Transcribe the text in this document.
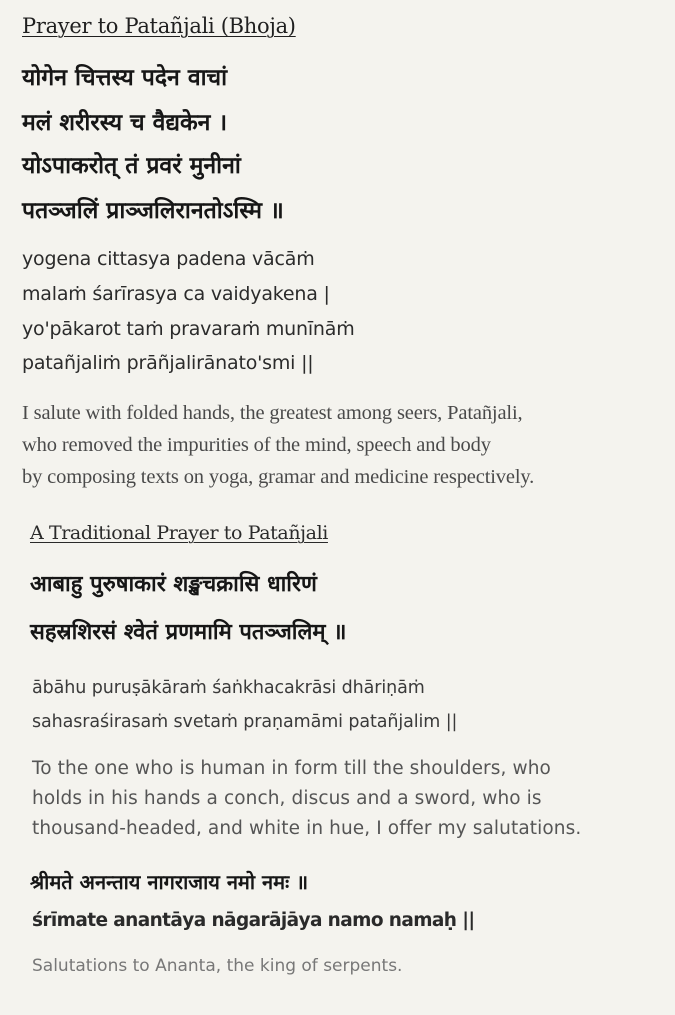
Prayer to Patañjali (Bhoja)
योगेन चित्तस्य पदेन वाचां
मलं शरीरस्य च वैद्यकेन ।
योऽपाकरोत् तं प्रवरं मुनीनां
पतञ्जलिं प्राञ्जलिरानतोऽस्मि ॥
yogena cittasya padena vācāṁ
malaṁ śarīrasya ca vaidyakena |
yo'pākarot taṁ pravaraṁ munīnāṁ
patañjaliṁ prāñjalirānato'smi ||
I salute with folded hands, the greatest among seers, Patañjali,
who removed the impurities of the mind, speech and body
by composing texts on yoga, gramar and medicine respectively.
A Traditional Prayer to Patañjali
आबाहु पुरुषाकारं शङ्खचक्रासि धारिणं
सहस्रशिरसं श्वेतं प्रणमामि पतञ्जलिम् ॥
ābāhu puruṣākāraṁ śaṅkhacakrāsi dhāriṇāṁ
sahasraśirasaṁ svetaṁ praṇamāmi patañjalim ||
To the one who is human in form till the shoulders, who
holds in his hands a conch, discus and a sword, who is
thousand-headed, and white in hue, I offer my salutations.
श्रीमते अनन्ताय नागराजाय नमो नमः ॥
śrīmate anantāya nāgarājāya namo namaḥ ||
Salutations to Ananta, the king of serpents.
